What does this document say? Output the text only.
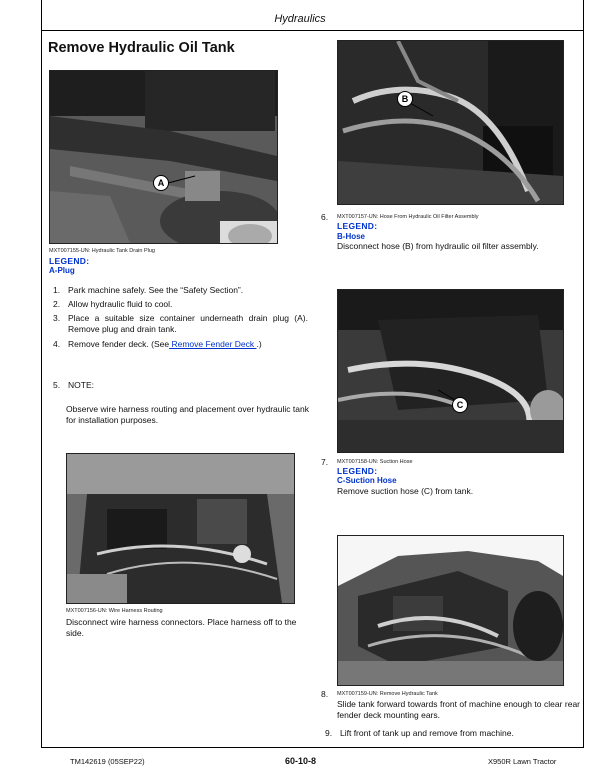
Hydraulics
Remove Hydraulic Oil Tank
A
MXT007155-UN: Hydraulic Tank Drain Plug
LEGEND:
A-Plug
1. Park machine safely. See the “Safety Section”.
2. Allow hydraulic fluid to cool.
3. Place a suitable size container underneath drain plug (A). Remove plug and drain tank.
4. Remove fender deck. (See Remove Fender Deck .)
5. NOTE:
Observe wire harness routing and placement over hydraulic tank for installation purposes.
MXT007156-UN: Wire Harness Routing
Disconnect wire harness connectors. Place harness off to the side.
B
6. MXT007157-UN: Hose From Hydraulic Oil Filter Assembly
LEGEND:
B-Hose
Disconnect hose (B) from hydraulic oil filter assembly.
C
7. MXT007158-UN: Suction Hose
LEGEND:
C-Suction Hose
Remove suction hose (C) from tank.
8. MXT007159-UN: Remove Hydraulic Tank
Slide tank forward towards front of machine enough to clear rear fender deck mounting ears.
9. Lift front of tank up and remove from machine.
TM142619 (05SEP22)	60-10-8	X950R Lawn Tractor
